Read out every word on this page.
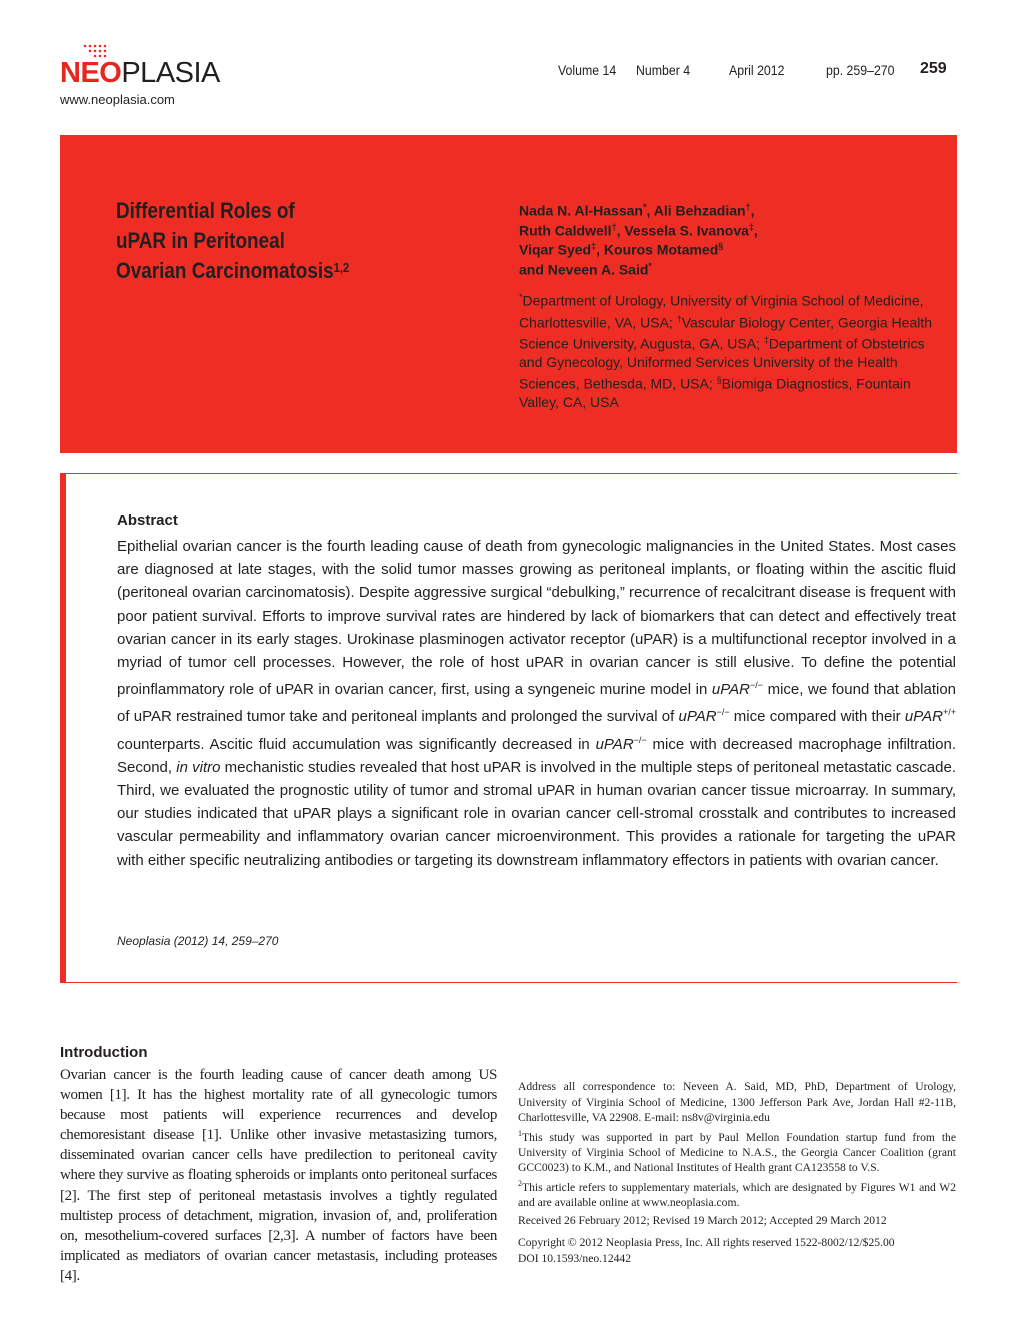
NEOPLASIA
www.neoplasia.com
Volume 14 Number 4	April 2012	pp. 259–270 259
Differential Roles of
uPAR in Peritoneal
Ovarian Carcinomatosis$^{1,2}$
Nada N. Al-Hassan*, Ali Behzadian†,
Ruth Caldwell†, Vessela S. Ivanova‡,
Viqar Syed‡, Kouros Motamed§
and Neveen A. Said*
*Department of Urology, University of Virginia School of Medicine, Charlottesville, VA, USA; †Vascular Biology Center, Georgia Health Science University, Augusta, GA, USA; ‡Department of Obstetrics and Gynecology, Uniformed Services University of the Health Sciences, Bethesda, MD, USA; §Biomiga Diagnostics, Fountain Valley, CA, USA
Abstract
Epithelial ovarian cancer is the fourth leading cause of death from gynecologic malignancies in the United States. Most cases are diagnosed at late stages, with the solid tumor masses growing as peritoneal implants, or floating within the ascitic fluid (peritoneal ovarian carcinomatosis). Despite aggressive surgical “debulking,” recurrence of recalcitrant disease is frequent with poor patient survival. Efforts to improve survival rates are hindered by lack of biomarkers that can detect and effectively treat ovarian cancer in its early stages. Urokinase plasminogen activator receptor (uPAR) is a multifunctional receptor involved in a myriad of tumor cell processes. However, the role of host uPAR in ovarian cancer is still elusive. To define the potential proinflammatory role of uPAR in ovarian cancer, first, using a syngeneic murine model in uPAR−/− mice, we found that ablation of uPAR restrained tumor take and peritoneal implants and prolonged the survival of uPAR−/− mice compared with their uPAR+/+ counterparts. Ascitic fluid accumulation was significantly decreased in uPAR−/− mice with decreased macrophage infiltration. Second, in vitro mechanistic studies revealed that host uPAR is involved in the multiple steps of peritoneal metastatic cascade. Third, we evaluated the prognostic utility of tumor and stromal uPAR in human ovarian cancer tissue microarray. In summary, our studies indicated that uPAR plays a significant role in ovarian cancer cell-stromal crosstalk and contributes to increased vascular permeability and inflammatory ovarian cancer microenvironment. This provides a rationale for targeting the uPAR with either specific neutralizing antibodies or targeting its downstream inflammatory effectors in patients with ovarian cancer.
Neoplasia (2012) 14, 259–270
Introduction
Ovarian cancer is the fourth leading cause of cancer death among US women [1]. It has the highest mortality rate of all gynecologic tumors because most patients will experience recurrences and develop chemoresistant disease [1]. Unlike other invasive metastasizing tumors, disseminated ovarian cancer cells have predilection to peritoneal cavity where they survive as floating spheroids or implants onto peritoneal surfaces [2]. The first step of peritoneal metastasis involves a tightly regulated multistep process of detachment, migration, invasion of, and, proliferation on, mesothelium-covered surfaces [2,3]. A number of factors have been implicated as mediators of ovarian cancer metastasis, including proteases [4].
Address all correspondence to: Neveen A. Said, MD, PhD, Department of Urology, University of Virginia School of Medicine, 1300 Jefferson Park Ave, Jordan Hall #2-11B, Charlottesville, VA 22908. E-mail: ns8v@virginia.edu
$^1$This study was supported in part by Paul Mellon Foundation startup fund from the University of Virginia School of Medicine to N.A.S., the Georgia Cancer Coalition (grant GCC0023) to K.M., and National Institutes of Health grant CA123558 to V.S.
$^2$This article refers to supplementary materials, which are designated by Figures W1 and W2 and are available online at www.neoplasia.com.
Received 26 February 2012; Revised 19 March 2012; Accepted 29 March 2012
Copyright © 2012 Neoplasia Press, Inc. All rights reserved 1522-8002/12/$25.00
DOI 10.1593/neo.12442
